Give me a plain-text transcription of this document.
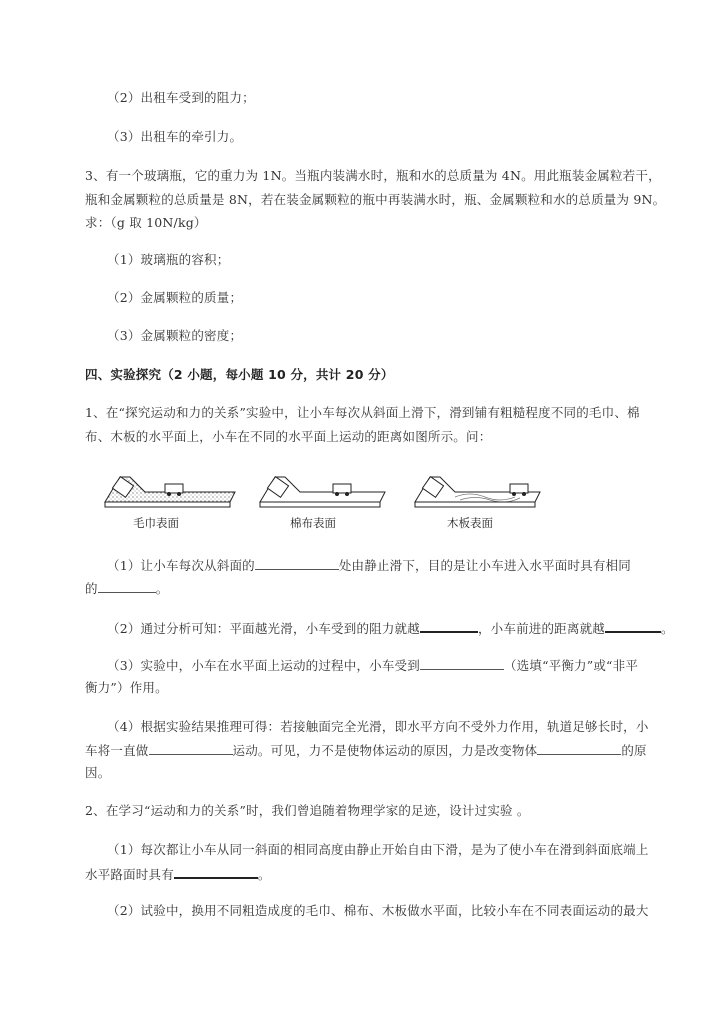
（2）出租车受到的阻力；
（3）出租车的牵引力。
3、有一个玻璃瓶，它的重力为 1N。当瓶内装满水时，瓶和水的总质量为 4N。用此瓶装金属粒若干，
瓶和金属颗粒的总质量是 8N，若在装金属颗粒的瓶中再装满水时，瓶、金属颗粒和水的总质量为 9N。
求：（g 取 10N/kg）
（1）玻璃瓶的容积；
（2）金属颗粒的质量；
（3）金属颗粒的密度；
四、实验探究（2 小题，每小题 10 分，共计 20 分）
1、在“探究运动和力的关系”实验中，让小车每次从斜面上滑下，滑到铺有粗糙程度不同的毛巾、棉
布、木板的水平面上，小车在不同的水平面上运动的距离如图所示。问：
毛巾表面	棉布表面	木板表面
（1）让小车每次从斜面的	处由静止滑下，目的是让小车进入水平面时具有相同
的	。
（2）通过分析可知：平面越光滑，小车受到的阻力就越	，小车前进的距离就越	。
（3）实验中，小车在水平面上运动的过程中，小车受到	（选填“平衡力”或“非平
衡力”）作用。
（4）根据实验结果推理可得：若接触面完全光滑，即水平方向不受外力作用，轨道足够长时，小
车将一直做	运动。可见，力不是使物体运动的原因，力是改变物体	的原
因。
2、在学习“运动和力的关系”时，我们曾追随着物理学家的足迹，设计过实验 。
（1）每次都让小车从同一斜面的相同高度由静止开始自由下滑，是为了使小车在滑到斜面底端上
水平路面时具有	。
（2）试验中，换用不同粗造成度的毛巾、棉布、木板做水平面，比较小车在不同表面运动的最大
